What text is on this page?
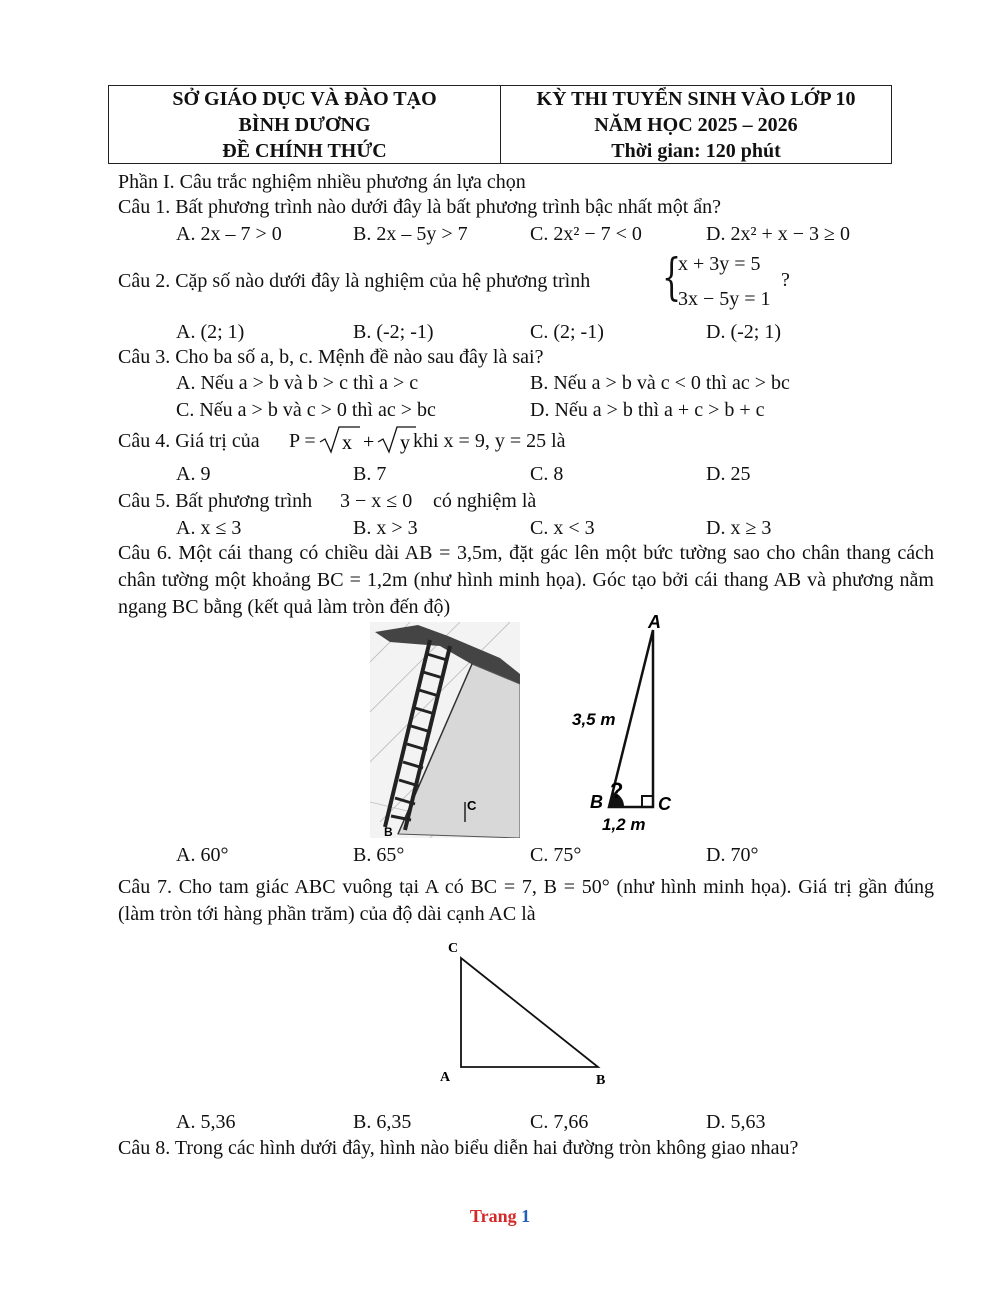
SỞ GIÁO DỤC VÀ ĐÀO TẠO
BÌNH DƯƠNG
ĐỀ CHÍNH THỨC
KỲ THI TUYỂN SINH VÀO LỚP 10
NĂM HỌC 2025 – 2026
Thời gian: 120 phút
Phần I. Câu trắc nghiệm nhiều phương án lựa chọn
Câu 1. Bất phương trình nào dưới đây là bất phương trình bậc nhất một ẩn?
A. 2x – 7 > 0	B. 2x – 5y > 7	C. 2x² − 7 < 0	D. 2x² + x − 3 ≥ 0
Câu 2. Cặp số nào dưới đây là nghiệm của hệ phương trình {
x + 3y = 5
3x − 5y = 1
?
A. (2; 1)	B. (-2; -1)	C. (2; -1)	D. (-2; 1)
Câu 3. Cho ba số a, b, c. Mệnh đề nào sau đây là sai?
A. Nếu a > b và b > c thì a > c	B. Nếu a > b và c < 0 thì ac > bc
C. Nếu a > b và c > 0 thì ac > bc	D. Nếu a > b thì a + c > b + c
Câu 4. Giá trị của P = x + y khi x = 9, y = 25 là
A. 9	B. 7	C. 8	D. 25
Câu 5. Bất phương trình 3 − x ≤ 0 có nghiệm là
A. x ≤ 3	B. x > 3	C. x < 3	D. x ≥ 3
Câu 6. Một cái thang có chiều dài AB = 3,5m, đặt gác lên một bức tường sao cho chân thang cách chân tường một khoảng BC = 1,2m (như hình minh họa). Góc tạo bởi cái thang AB và phương nằm ngang BC bằng (kết quả làm tròn đến độ)
C
B
A
3,5 m
?
B	C
1,2 m
A. 60°	B. 65°	C. 75°	D. 70°
Câu 7. Cho tam giác ABC vuông tại A có BC = 7, B = 50° (như hình minh họa). Giá trị gần đúng (làm tròn tới hàng phần trăm) của độ dài cạnh AC là
C
A	B
A. 5,36	B. 6,35	C. 7,66	D. 5,63
Câu 8. Trong các hình dưới đây, hình nào biểu diễn hai đường tròn không giao nhau?
Trang 1
